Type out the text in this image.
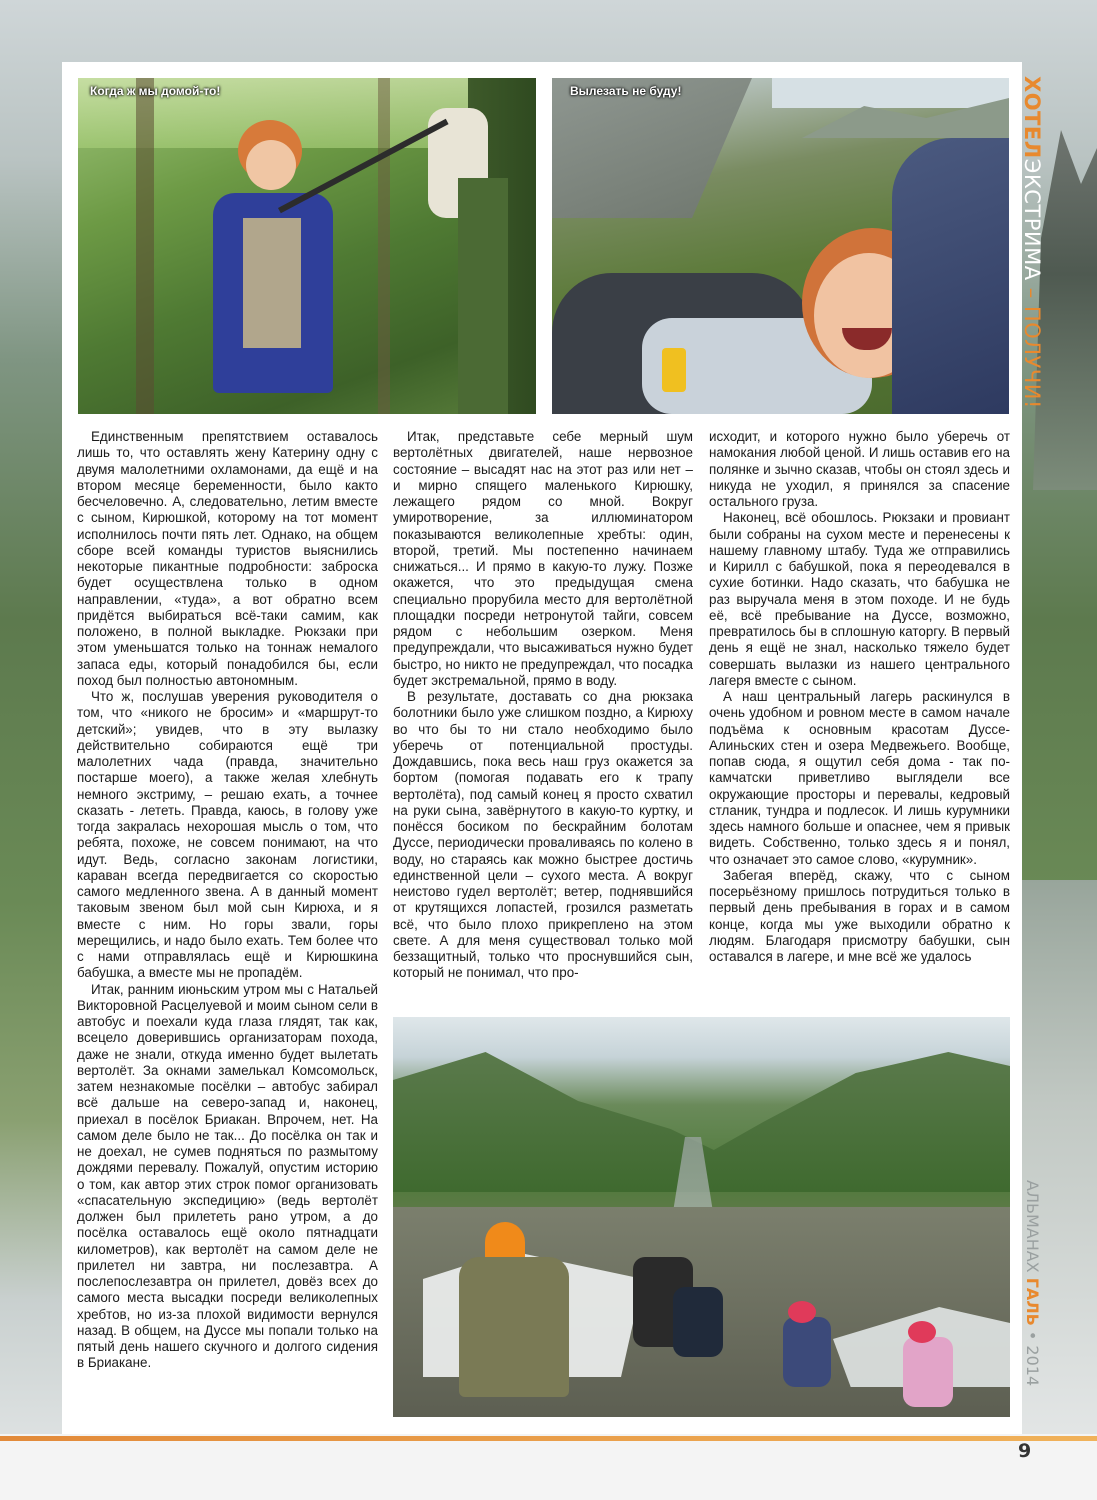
Когда ж мы домой-то!	Вылезать не буду!

Единственным препятствием оставалось лишь то, что оставлять жену Катерину одну с двумя малолетними охламонами, да ещё и на втором месяце беременности, было както бесчеловечно. А, следовательно, летим вместе с сыном, Кирюшкой, которому на тот момент исполнилось почти пять лет. Однако, на общем сборе всей команды туристов выяснились некоторые пикантные подробности: заброска будет осуществлена только в одном направлении, «туда», а вот обратно всем придётся выбираться всё-таки самим, как положено, в полной выкладке. Рюкзаки при этом уменьшатся только на тоннаж немалого запаса еды, который понадобился бы, если поход был полностью автономным.

Что ж, послушав уверения руководителя о том, что «никого не бросим» и «маршрут-то детский»; увидев, что в эту вылазку действительно собираются ещё три малолетних чада (правда, значительно постарше моего), а также желая хлебнуть немного экстриму, – решаю ехать, а точнее сказать - лететь. Правда, каюсь, в голову уже тогда закралась нехорошая мысль о том, что ребята, похоже, не совсем понимают, на что идут. Ведь, согласно законам логистики, караван всегда передвигается со скоростью самого медленного звена. А в данный момент таковым звеном был мой сын Кирюха, и я вместе с ним. Но горы звали, горы мерещились, и надо было ехать. Тем более что с нами отправлялась ещё и Кирюшкина бабушка, а вместе мы не пропадём.

Итак, ранним июньским утром мы с Натальей Викторовной Расцелуевой и моим сыном сели в автобус и поехали куда глаза глядят, так как, всецело доверившись организаторам похода, даже не знали, откуда именно будет вылетать вертолёт. За окнами замелькал Комсомольск, затем незнакомые посёлки – автобус забирал всё дальше на северо-запад и, наконец, приехал в посёлок Бриакан. Впрочем, нет. На самом деле было не так... До посёлка он так и не доехал, не сумев подняться по размытому дождями перевалу. Пожалуй, опустим историю о том, как автор этих строк помог организовать «спасательную экспедицию» (ведь вертолёт должен был прилететь рано утром, а до посёлка оставалось ещё около пятнадцати километров), как вертолёт на самом деле не прилетел ни завтра, ни послезавтра. А послепослезавтра он прилетел, довёз всех до самого места высадки посреди великолепных хребтов, но из-за плохой видимости вернулся назад. В общем, на Дуссе мы попали только на пятый день нашего скучного и долгого сидения в Бриакане.

Итак, представьте себе мерный шум вертолётных двигателей, наше нервозное состояние – высадят нас на этот раз или нет – и мирно спящего маленького Кирюшку, лежащего рядом со мной. Вокруг умиротворение, за иллюминатором показываются великолепные хребты: один, второй, третий. Мы постепенно начинаем снижаться... И прямо в какую-то лужу. Позже окажется, что это предыдущая смена специально прорубила место для вертолётной площадки посреди нетронутой тайги, совсем рядом с небольшим озерком. Меня предупреждали, что высаживаться нужно будет быстро, но никто не предупреждал, что посадка будет экстремальной, прямо в воду.

В результате, доставать со дна рюкзака болотники было уже слишком поздно, а Кирюху во что бы то ни стало необходимо было уберечь от потенциальной простуды. Дождавшись, пока весь наш груз окажется за бортом (помогая подавать его к трапу вертолёта), под самый конец я просто схватил на руки сына, завёрнутого в какую-то куртку, и понёсся босиком по бескрайним болотам Дуссе, периодически проваливаясь по колено в воду, но стараясь как можно быстрее достичь единственной цели – сухого места. А вокруг неистово гудел вертолёт; ветер, поднявшийся от крутящихся лопастей, грозился разметать всё, что было плохо прикреплено на этом свете. А для меня существовал только мой беззащитный, только что проснувшийся сын, который не понимал, что про-

исходит, и которого нужно было уберечь от намокания любой ценой. И лишь оставив его на полянке и зычно сказав, чтобы он стоял здесь и никуда не уходил, я принялся за спасение остального груза.

Наконец, всё обошлось. Рюкзаки и провиант были собраны на сухом месте и перенесены к нашему главному штабу. Туда же отправились и Кирилл с бабушкой, пока я переодевался в сухие ботинки. Надо сказать, что бабушка не раз выручала меня в этом походе. И не будь её, всё пребывание на Дуссе, возможно, превратилось бы в сплошную каторгу. В первый день я ещё не знал, насколько тяжело будет совершать вылазки из нашего центрального лагеря вместе с сыном.

А наш центральный лагерь раскинулся в очень удобном и ровном месте в самом начале подъёма к основным красотам Дуссе-Алиньских стен и озера Медвежьего. Вообще, попав сюда, я ощутил себя дома - так по-камчатски приветливо выглядели все окружающие просторы и перевалы, кедровый стланик, тундра и подлесок. И лишь курумники здесь намного больше и опаснее, чем я привык видеть. Собственно, только здесь я и понял, что означает это самое слово, «курумник».

Забегая вперёд, скажу, что с сыном посерьёзному пришлось потрудиться только в первый день пребывания в горах и в самом конце, когда мы уже выходили обратно к людям. Благодаря присмотру бабушки, сын оставался в лагере, и мне всё же удалось

ХОТЕЛЭКСТРИМА – ПОЛУЧИ!
АЛЬМАНАХ ГАЛЬ • 2014
9
